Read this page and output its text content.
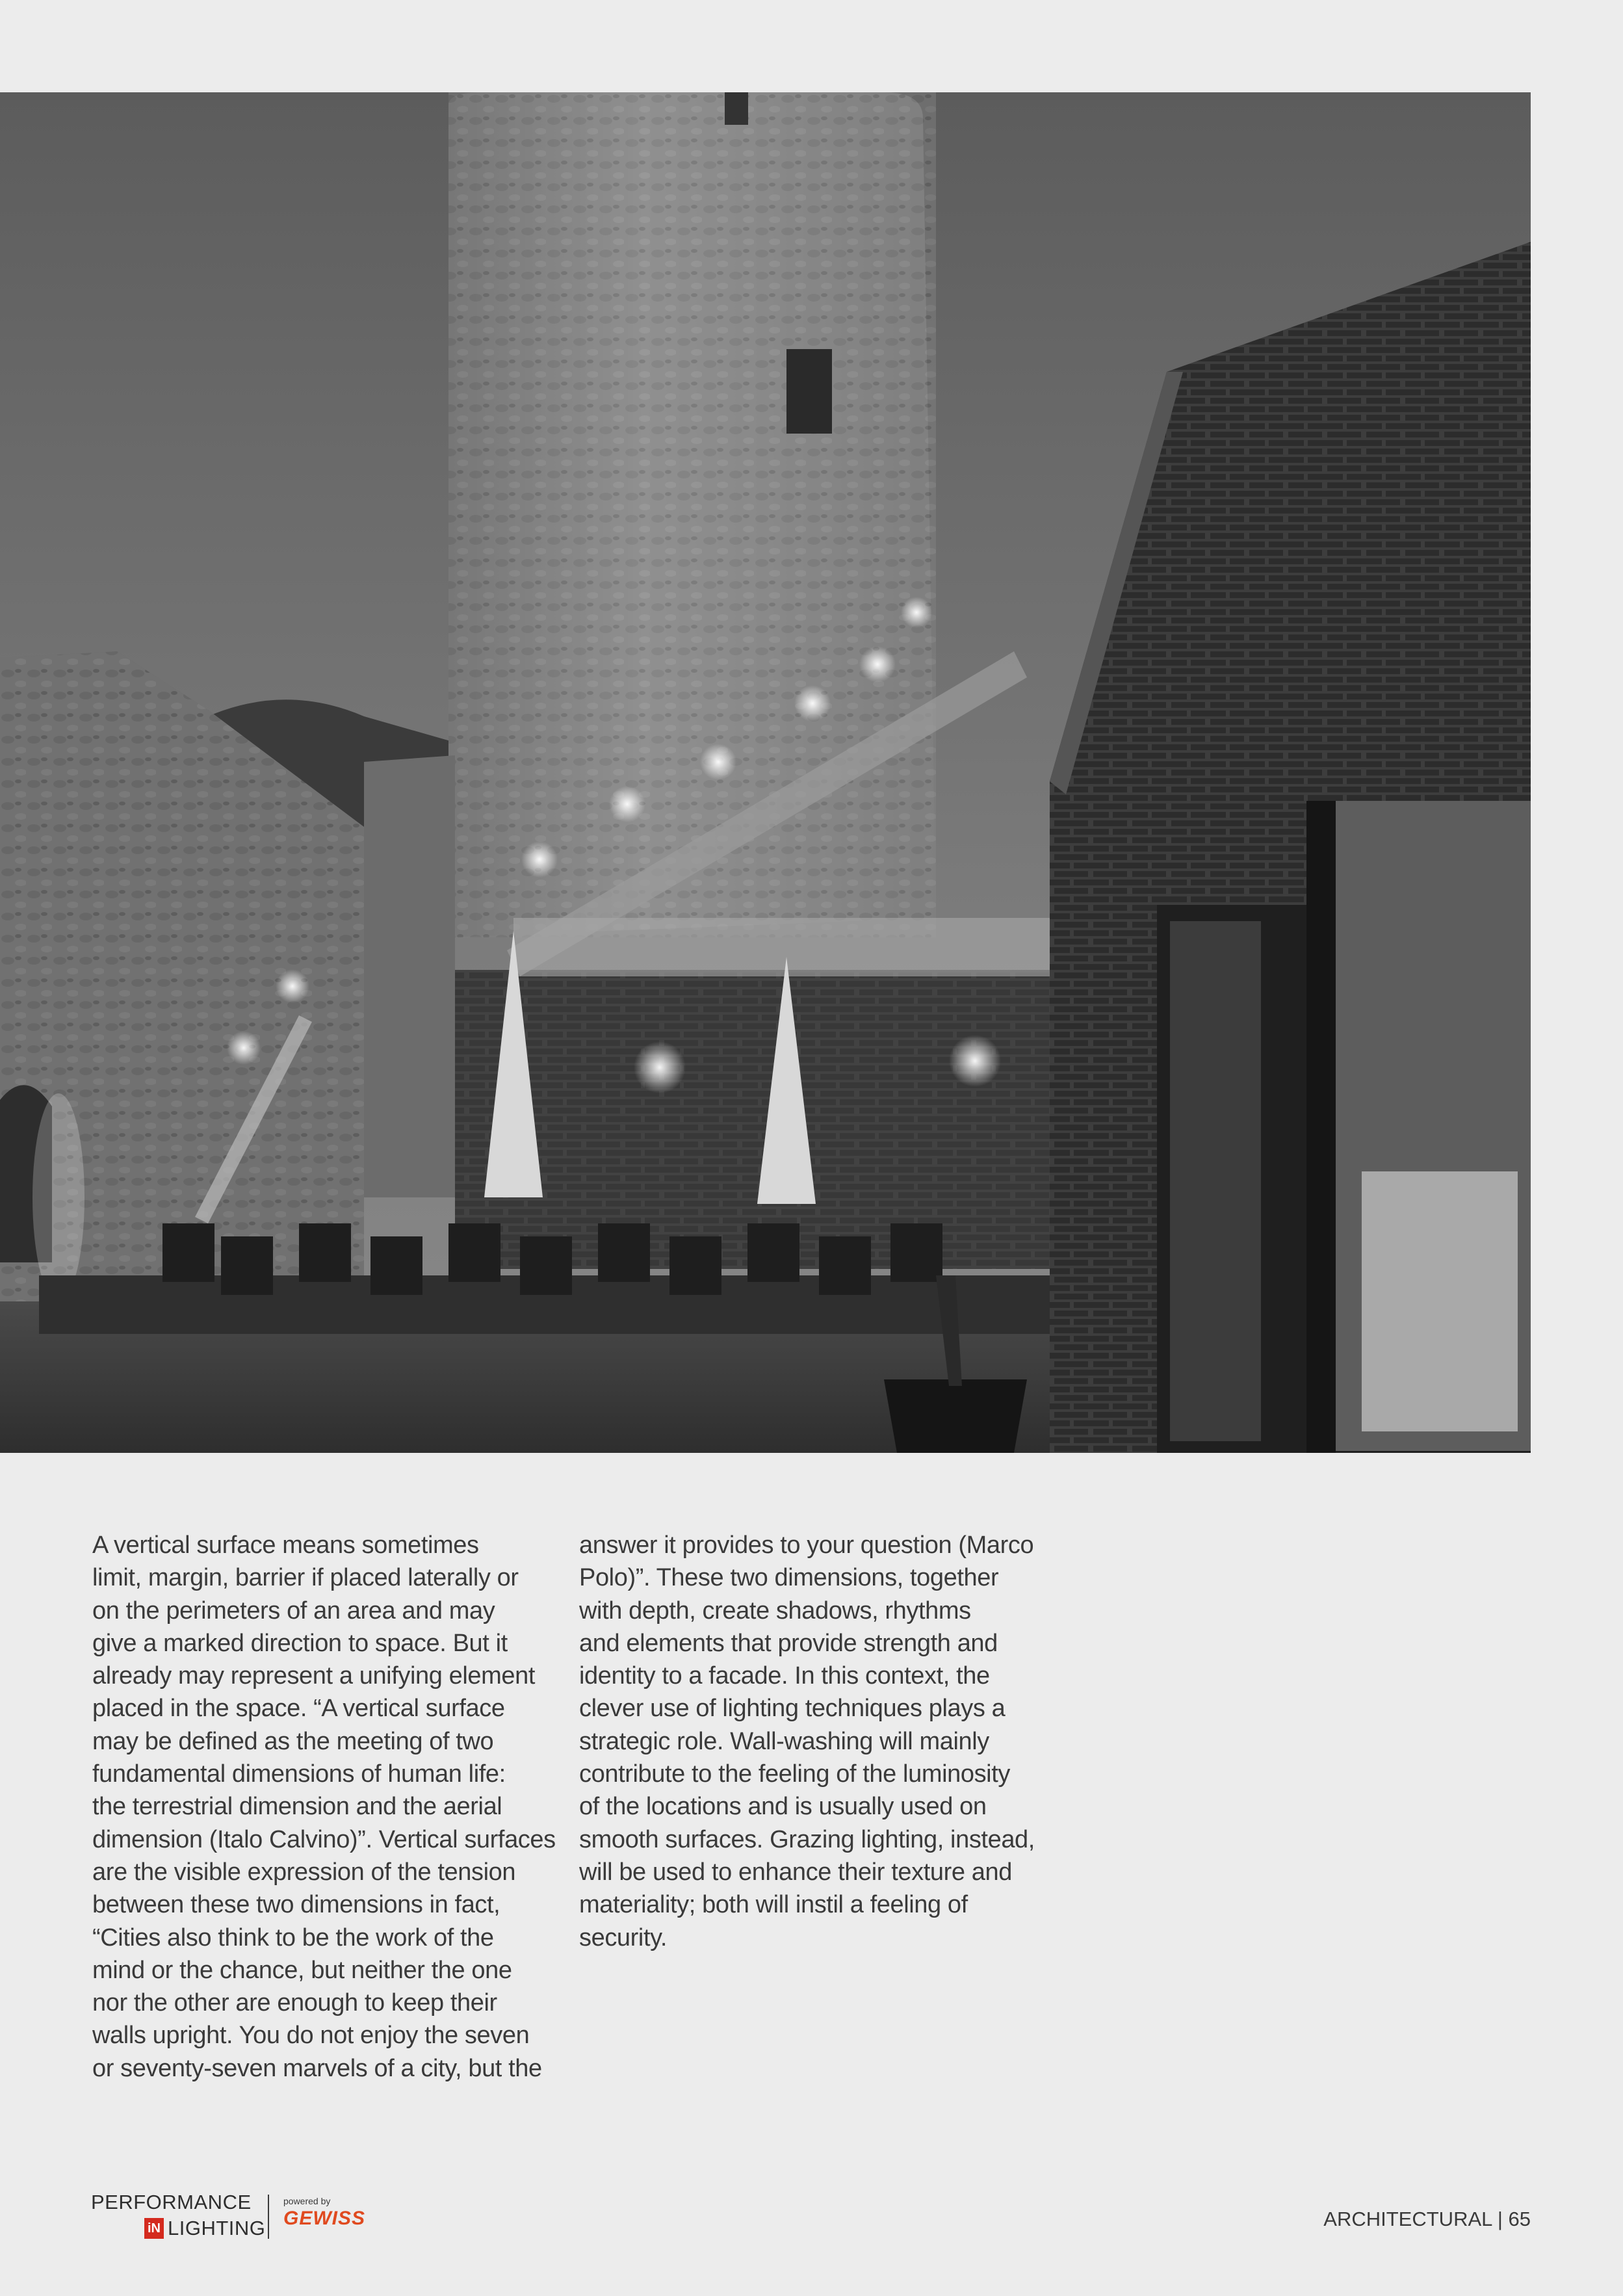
A vertical surface means sometimes
limit, margin, barrier if placed laterally or
on the perimeters of an area and may
give a marked direction to space. But it
already may represent a unifying element
placed in the space. “A vertical surface
may be defined as the meeting of two
fundamental dimensions of human life:
the terrestrial dimension and the aerial
dimension (Italo Calvino)”. Vertical surfaces
are the visible expression of the tension
between these two dimensions in fact,
“Cities also think to be the work of the
mind or the chance, but neither the one
nor the other are enough to keep their
walls upright. You do not enjoy the seven
or seventy-seven marvels of a city, but the
answer it provides to your question (Marco
Polo)”. These two dimensions, together
with depth, create shadows, rhythms
and elements that provide strength and
identity to a facade. In this context, the
clever use of lighting techniques plays a
strategic role. Wall-washing will mainly
contribute to the feeling of the luminosity
of the locations and is usually used on
smooth surfaces. Grazing lighting, instead,
will be used to enhance their texture and
materiality; both will instil a feeling of
security.
PERFORMANCE
iN LIGHTING
powered by
GEWISS	ARCHITECTURAL | 65
